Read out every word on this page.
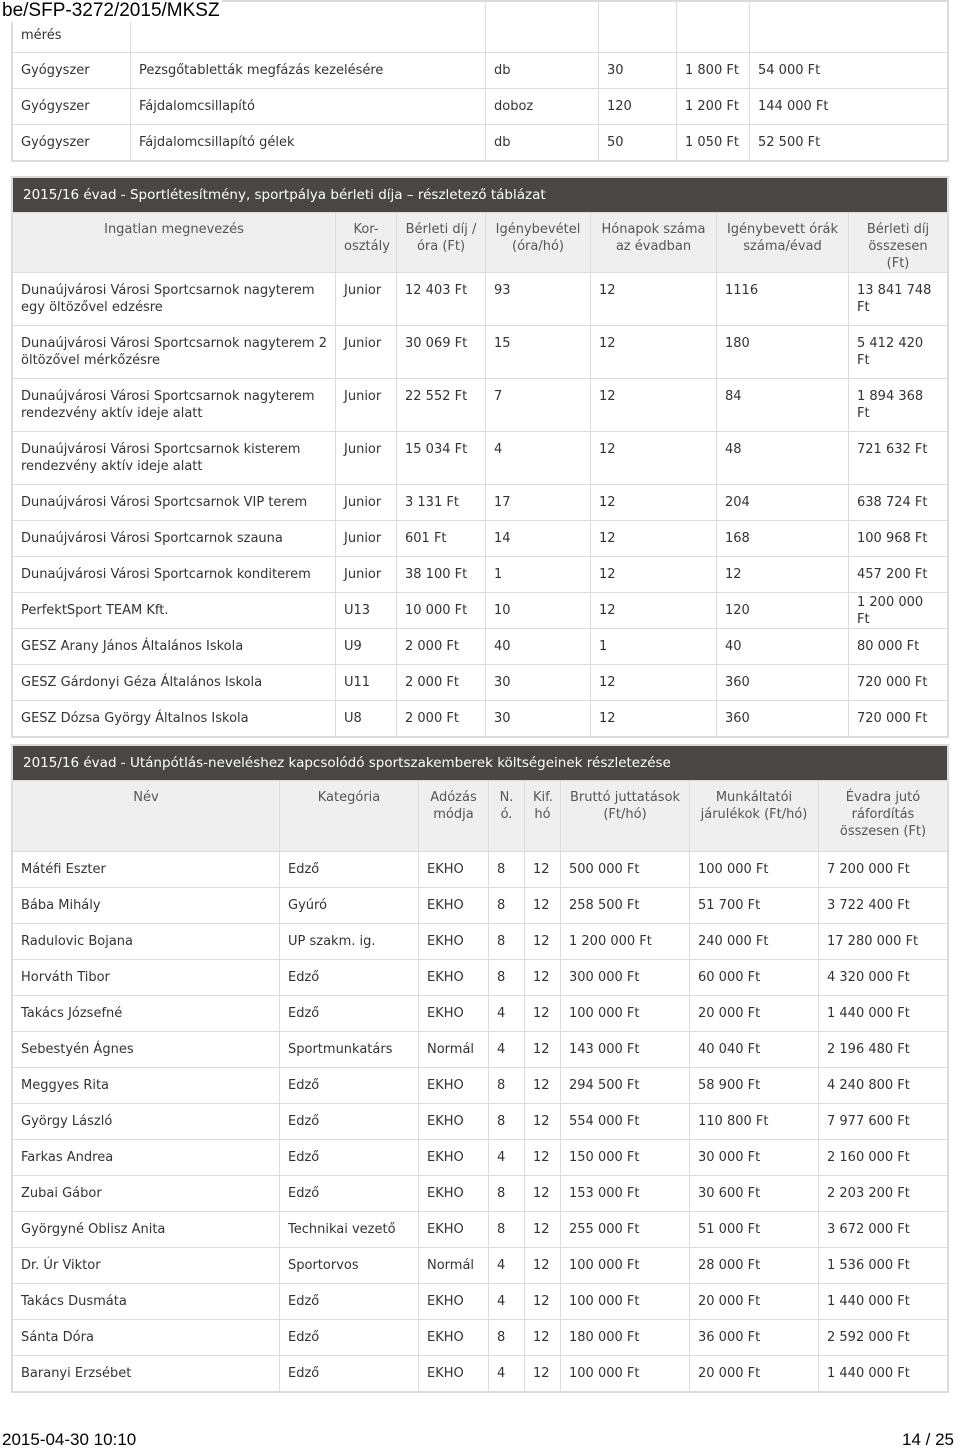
be/SFP-3272/2015/MKSZ
mérés					
Gyógyszer	Pezsgőtabletták megfázás kezelésére	db	30	1 800 Ft	54 000 Ft
Gyógyszer	Fájdalomcsillapító	doboz	120	1 200 Ft	144 000 Ft
Gyógyszer	Fájdalomcsillapító gélek	db	50	1 050 Ft	52 500 Ft
2015/16 évad - Sportlétesítmény, sportpálya bérleti díja – részletező táblázat						
Ingatlan megnevezés	Kor-osztály	Bérleti díj / óra (Ft)	Igénybevétel (óra/hó)	Hónapok száma az évadban	Igénybevett órák száma/évad	Bérleti díj összesen (Ft)
Dunaújvárosi Városi Sportcsarnok nagyterem egy öltözővel edzésre	Junior	12 403 Ft	93	12	1116	13 841 748 Ft
Dunaújvárosi Városi Sportcsarnok nagyterem 2 öltözővel mérkőzésre	Junior	30 069 Ft	15	12	180	5 412 420 Ft
Dunaújvárosi Városi Sportcsarnok nagyterem rendezvény aktív ideje alatt	Junior	22 552 Ft	7	12	84	1 894 368 Ft
Dunaújvárosi Városi Sportcsarnok kisterem rendezvény aktív ideje alatt	Junior	15 034 Ft	4	12	48	721 632 Ft
Dunaújvárosi Városi Sportcsarnok VIP terem	Junior	3 131 Ft	17	12	204	638 724 Ft
Dunaújvárosi Városi Sportcarnok szauna	Junior	601 Ft	14	12	168	100 968 Ft
Dunaújvárosi Városi Sportcarnok konditerem	Junior	38 100 Ft	1	12	12	457 200 Ft
PerfektSport TEAM Kft.	U13	10 000 Ft	10	12	120	1 200 000 Ft
GESZ Arany János Általános Iskola	U9	2 000 Ft	40	1	40	80 000 Ft
GESZ Gárdonyi Géza Általános Iskola	U11	2 000 Ft	30	12	360	720 000 Ft
GESZ Dózsa György Általnos Iskola	U8	2 000 Ft	30	12	360	720 000 Ft
2015/16 évad - Utánpótlás-neveléshez kapcsolódó sportszakemberek költségeinek részletezése							
Név	Kategória	Adózás módja	N. ó.	Kif. hó	Bruttó juttatások (Ft/hó)	Munkáltatói járulékok (Ft/hó)	Évadra jutó ráfordítás összesen (Ft)
Mátéfi Eszter	Edző	EKHO	8	12	500 000 Ft	100 000 Ft	7 200 000 Ft
Bába Mihály	Gyúró	EKHO	8	12	258 500 Ft	51 700 Ft	3 722 400 Ft
Radulovic Bojana	UP szakm. ig.	EKHO	8	12	1 200 000 Ft	240 000 Ft	17 280 000 Ft
Horváth Tibor	Edző	EKHO	8	12	300 000 Ft	60 000 Ft	4 320 000 Ft
Takács Józsefné	Edző	EKHO	4	12	100 000 Ft	20 000 Ft	1 440 000 Ft
Sebestyén Ágnes	Sportmunkatárs	Normál	4	12	143 000 Ft	40 040 Ft	2 196 480 Ft
Meggyes Rita	Edző	EKHO	8	12	294 500 Ft	58 900 Ft	4 240 800 Ft
György László	Edző	EKHO	8	12	554 000 Ft	110 800 Ft	7 977 600 Ft
Farkas Andrea	Edző	EKHO	4	12	150 000 Ft	30 000 Ft	2 160 000 Ft
Zubai Gábor	Edző	EKHO	8	12	153 000 Ft	30 600 Ft	2 203 200 Ft
Györgyné Oblisz Anita	Technikai vezető	EKHO	8	12	255 000 Ft	51 000 Ft	3 672 000 Ft
Dr. Úr Viktor	Sportorvos	Normál	4	12	100 000 Ft	28 000 Ft	1 536 000 Ft
Takács Dusmáta	Edző	EKHO	4	12	100 000 Ft	20 000 Ft	1 440 000 Ft
Sánta Dóra	Edző	EKHO	8	12	180 000 Ft	36 000 Ft	2 592 000 Ft
Baranyi Erzsébet	Edző	EKHO	4	12	100 000 Ft	20 000 Ft	1 440 000 Ft
2015-04-30 10:10	14 / 25
